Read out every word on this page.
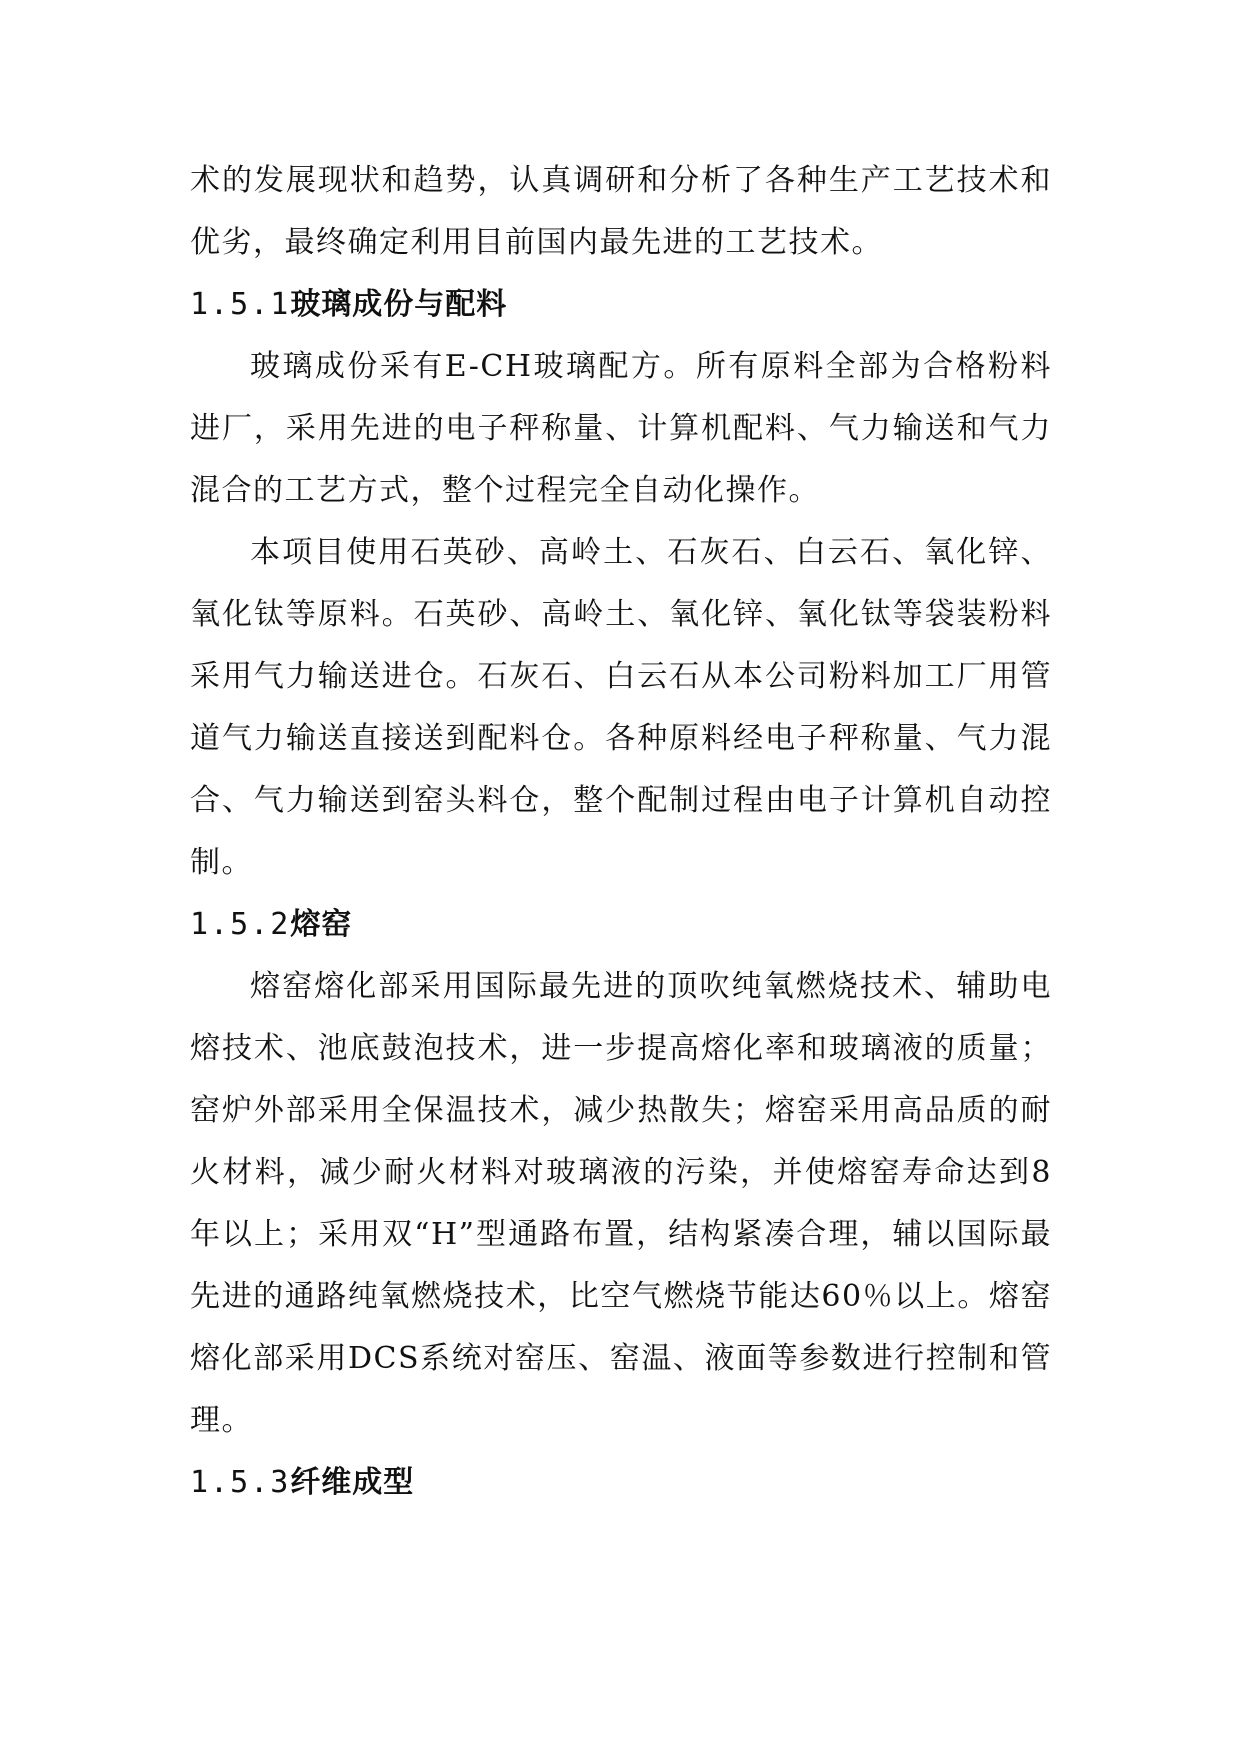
术的发展现状和趋势，认真调研和分析了各种生产工艺技术和优劣，最终确定利用目前国内最先进的工艺技术。

1.5.1玻璃成份与配料

玻璃成份采有E-CH玻璃配方。所有原料全部为合格粉料进厂，采用先进的电子秤称量、计算机配料、气力输送和气力混合的工艺方式，整个过程完全自动化操作。

本项目使用石英砂、高岭土、石灰石、白云石、氧化锌、氧化钛等原料。石英砂、高岭土、氧化锌、氧化钛等袋装粉料采用气力输送进仓。石灰石、白云石从本公司粉料加工厂用管道气力输送直接送到配料仓。各种原料经电子秤称量、气力混合、气力输送到窑头料仓，整个配制过程由电子计算机自动控制。

1.5.2熔窑

熔窑熔化部采用国际最先进的顶吹纯氧燃烧技术、辅助电熔技术、池底鼓泡技术，进一步提高熔化率和玻璃液的质量；窑炉外部采用全保温技术，减少热散失；熔窑采用高品质的耐火材料，减少耐火材料对玻璃液的污染，并使熔窑寿命达到8年以上；采用双“H”型通路布置，结构紧凑合理，辅以国际最先进的通路纯氧燃烧技术，比空气燃烧节能达60％以上。熔窑熔化部采用DCS系统对窑压、窑温、液面等参数进行控制和管理。

1.5.3纤维成型
